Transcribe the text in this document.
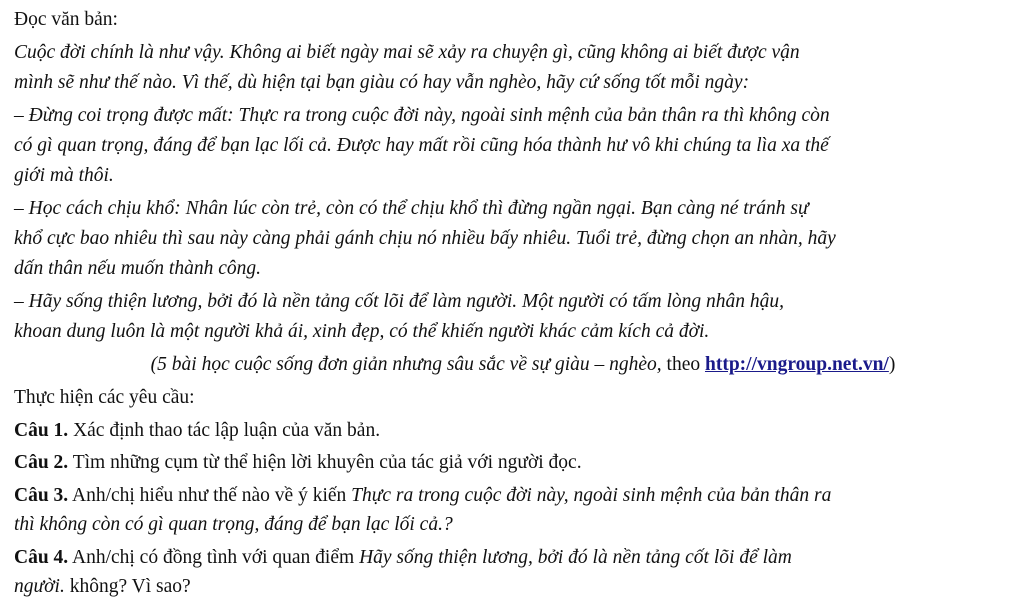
Đọc văn bản:

Cuộc đời chính là như vậy. Không ai biết ngày mai sẽ xảy ra chuyện gì, cũng không ai biết được vận

mình sẽ như thế nào. Vì thế, dù hiện tại bạn giàu có hay vẫn nghèo, hãy cứ sống tốt mỗi ngày:

– Đừng coi trọng được mất: Thực ra trong cuộc đời này, ngoài sinh mệnh của bản thân ra thì không còn

có gì quan trọng, đáng để bạn lạc lối cả. Được hay mất rồi cũng hóa thành hư vô khi chúng ta lìa xa thế

giới mà thôi.

– Học cách chịu khổ: Nhân lúc còn trẻ, còn có thể chịu khổ thì đừng ngần ngại. Bạn càng né tránh sự

khổ cực bao nhiêu thì sau này càng phải gánh chịu nó nhiều bấy nhiêu. Tuổi trẻ, đừng chọn an nhàn, hãy

dấn thân nếu muốn thành công.

– Hãy sống thiện lương, bởi đó là nền tảng cốt lõi để làm người. Một người có tấm lòng nhân hậu,

khoan dung luôn là một người khả ái, xinh đẹp, có thể khiến người khác cảm kích cả đời.

(5 bài học cuộc sống đơn giản nhưng sâu sắc về sự giàu – nghèo, theo http://vngroup.net.vn/)

Thực hiện các yêu cầu:

Câu 1. Xác định thao tác lập luận của văn bản.

Câu 2. Tìm những cụm từ thể hiện lời khuyên của tác giả với người đọc.

Câu 3. Anh/chị hiểu như thế nào về ý kiến Thực ra trong cuộc đời này, ngoài sinh mệnh của bản thân ra

thì không còn có gì quan trọng, đáng để bạn lạc lối cả.?

Câu 4. Anh/chị có đồng tình với quan điểm Hãy sống thiện lương, bởi đó là nền tảng cốt lõi để làm

người. không? Vì sao?
